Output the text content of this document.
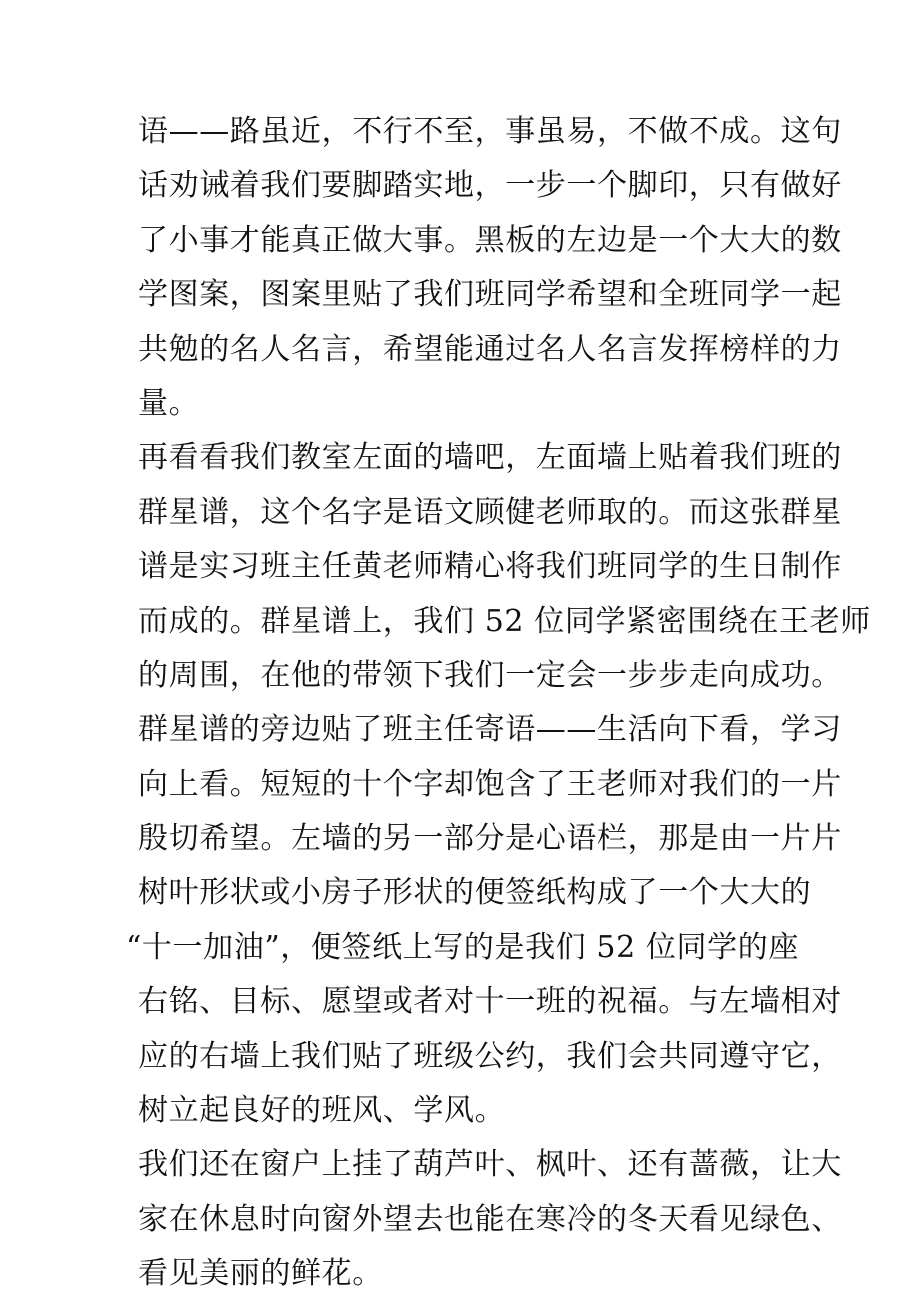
语——路虽近，不行不至，事虽易，不做不成。这句
话劝诫着我们要脚踏实地，一步一个脚印，只有做好
了小事才能真正做大事。黑板的左边是一个大大的数
学图案，图案里贴了我们班同学希望和全班同学一起
共勉的名人名言，希望能通过名人名言发挥榜样的力
量。
再看看我们教室左面的墙吧，左面墙上贴着我们班的
群星谱，这个名字是语文顾健老师取的。而这张群星
谱是实习班主任黄老师精心将我们班同学的生日制作
而成的。群星谱上，我们 52 位同学紧密围绕在王老师
的周围，在他的带领下我们一定会一步步走向成功。
群星谱的旁边贴了班主任寄语——生活向下看，学习
向上看。短短的十个字却饱含了王老师对我们的一片
殷切希望。左墙的另一部分是心语栏，那是由一片片
树叶形状或小房子形状的便签纸构成了一个大大的
“十一加油”，便签纸上写的是我们 52 位同学的座
右铭、目标、愿望或者对十一班的祝福。与左墙相对
应的右墙上我们贴了班级公约，我们会共同遵守它，
树立起良好的班风、学风。
我们还在窗户上挂了葫芦叶、枫叶、还有蔷薇，让大
家在休息时向窗外望去也能在寒冷的冬天看见绿色、
看见美丽的鲜花。
